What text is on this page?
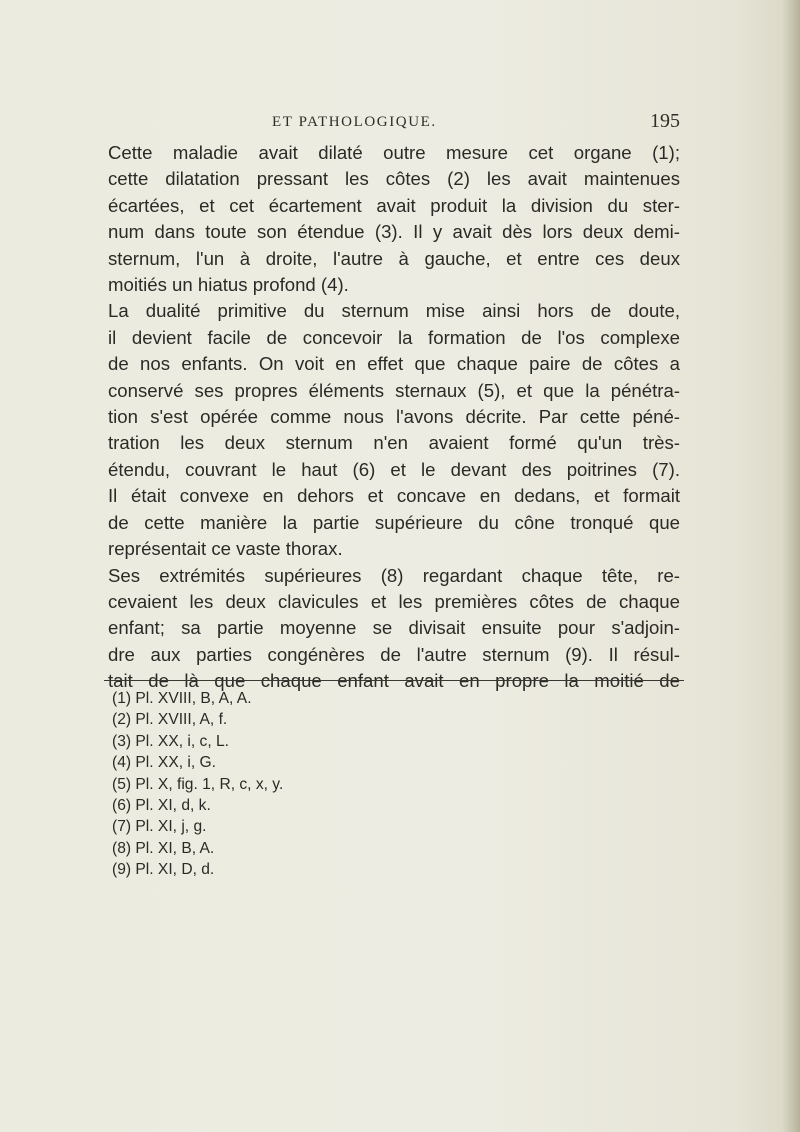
ET PATHOLOGIQUE.	195
Cette maladie avait dilaté outre mesure cet organe (1);
cette dilatation pressant les côtes (2) les avait maintenues
écartées, et cet écartement avait produit la division du ster-
num dans toute son étendue (3). Il y avait dès lors deux demi-
sternum, l'un à droite, l'autre à gauche, et entre ces deux
moitiés un hiatus profond (4).
La dualité primitive du sternum mise ainsi hors de doute,
il devient facile de concevoir la formation de l'os complexe
de nos enfants. On voit en effet que chaque paire de côtes a
conservé ses propres éléments sternaux (5), et que la pénétra-
tion s'est opérée comme nous l'avons décrite. Par cette péné-
tration les deux sternum n'en avaient formé qu'un très-
étendu, couvrant le haut (6) et le devant des poitrines (7).
Il était convexe en dehors et concave en dedans, et formait
de cette manière la partie supérieure du cône tronqué que
représentait ce vaste thorax.
Ses extrémités supérieures (8) regardant chaque tête, re-
cevaient les deux clavicules et les premières côtes de chaque
enfant; sa partie moyenne se divisait ensuite pour s'adjoin-
dre aux parties congénères de l'autre sternum (9). Il résul-
tait de là que chaque enfant avait en propre la moitié de
(1) Pl. XVIII, B, A, A.
(2) Pl. XVIII, A, f.
(3) Pl. XX, i, c, L.
(4) Pl. XX, i, G.
(5) Pl. X, fig. 1, R, c, x, y.
(6) Pl. XI, d, k.
(7) Pl. XI, j, g.
(8) Pl. XI, B, A.
(9) Pl. XI, D, d.
